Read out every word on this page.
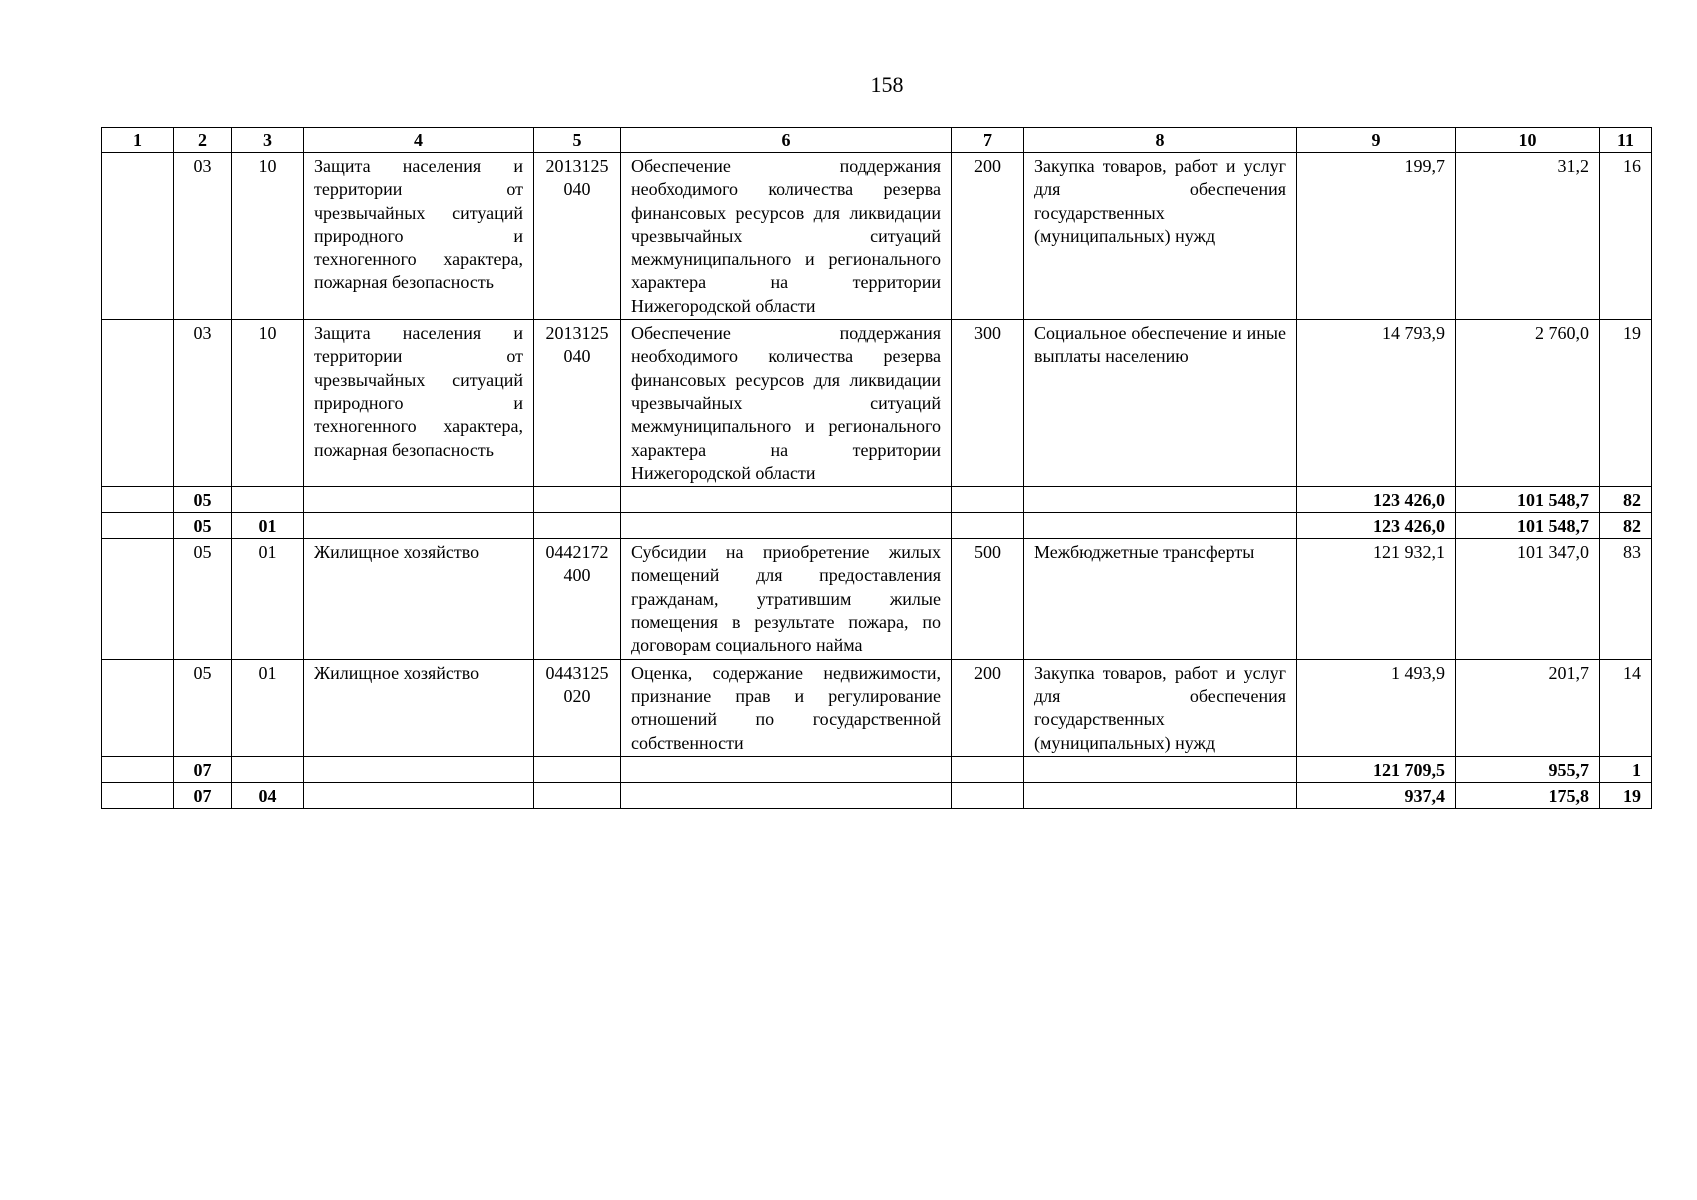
158
1	2	3	4	5	6	7	8	9	10	11
	03	10	Защита населения и территории от чрезвычайных ситуаций природного и техногенного характера, пожарная безопасность	2013125040	Обеспечение поддержания необходимого количества резерва финансовых ресурсов для ликвидации чрезвычайных ситуаций межмуниципального и регионального характера на территории Нижегородской области	200	Закупка товаров, работ и услуг для обеспечения государственных (муниципальных) нужд	199,7	31,2	16
	03	10	Защита населения и территории от чрезвычайных ситуаций природного и техногенного характера, пожарная безопасность	2013125040	Обеспечение поддержания необходимого количества резерва финансовых ресурсов для ликвидации чрезвычайных ситуаций межмуниципального и регионального характера на территории Нижегородской области	300	Социальное обеспечение и иные выплаты населению	14 793,9	2 760,0	19
	05							123 426,0	101 548,7	82
	05	01						123 426,0	101 548,7	82
	05	01	Жилищное хозяйство	0442172400	Субсидии на приобретение жилых помещений для предоставления гражданам, утратившим жилые помещения в результате пожара, по договорам социального найма	500	Межбюджетные трансферты	121 932,1	101 347,0	83
	05	01	Жилищное хозяйство	0443125020	Оценка, содержание недвижимости, признание прав и регулирование отношений по государственной собственности	200	Закупка товаров, работ и услуг для обеспечения государственных (муниципальных) нужд	1 493,9	201,7	14
	07							121 709,5	955,7	1
	07	04						937,4	175,8	19
